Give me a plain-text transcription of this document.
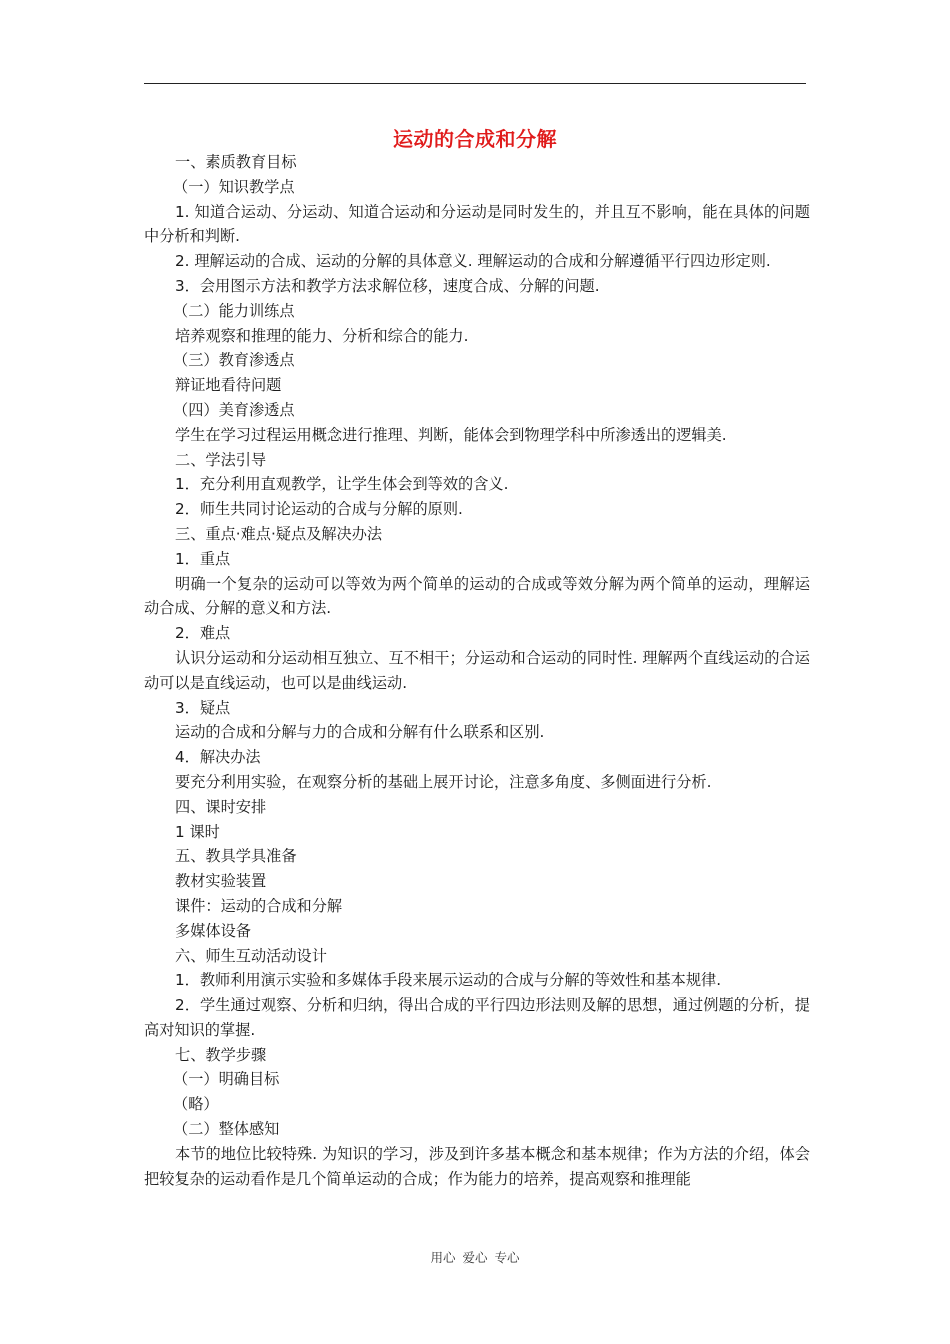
运动的合成和分解

一、素质教育目标

（一）知识教学点

1. 知道合运动、分运动、知道合运动和分运动是同时发生的，并且互不影响，能在具体的问题中分析和判断.

2. 理解运动的合成、运动的分解的具体意义. 理解运动的合成和分解遵循平行四边形定则.

3．会用图示方法和教学方法求解位移，速度合成、分解的问题.

（二）能力训练点

培养观察和推理的能力、分析和综合的能力.

（三）教育渗透点

辩证地看待问题

（四）美育渗透点

学生在学习过程运用概念进行推理、判断，能体会到物理学科中所渗透出的逻辑美.

二、学法引导

1．充分利用直观教学，让学生体会到等效的含义.

2．师生共同讨论运动的合成与分解的原则.

三、重点·难点·疑点及解决办法

1．重点

明确一个复杂的运动可以等效为两个简单的运动的合成或等效分解为两个简单的运动，理解运动合成、分解的意义和方法.

2．难点

认识分运动和分运动相互独立、互不相干；分运动和合运动的同时性. 理解两个直线运动的合运动可以是直线运动，也可以是曲线运动.

3．疑点

运动的合成和分解与力的合成和分解有什么联系和区别.

4．解决办法

要充分利用实验，在观察分析的基础上展开讨论，注意多角度、多侧面进行分析.

四、课时安排

1 课时

五、教具学具准备

教材实验装置

课件：运动的合成和分解

多媒体设备

六、师生互动活动设计

1．教师利用演示实验和多媒体手段来展示运动的合成与分解的等效性和基本规律.

2．学生通过观察、分析和归纳，得出合成的平行四边形法则及解的思想，通过例题的分析，提高对知识的掌握.

七、教学步骤

（一）明确目标

（略）

（二）整体感知

本节的地位比较特殊. 为知识的学习，涉及到许多基本概念和基本规律；作为方法的介绍，体会把较复杂的运动看作是几个简单运动的合成；作为能力的培养，提高观察和推理能

用心 爱心 专心
